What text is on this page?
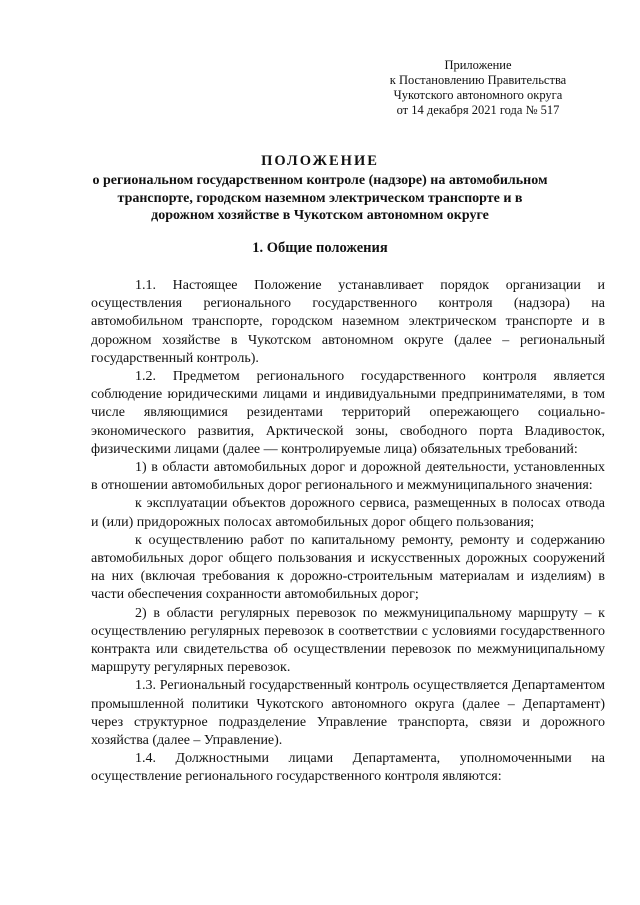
Приложение
к Постановлению Правительства
Чукотского автономного округа
от 14 декабря 2021 года № 517
ПОЛОЖЕНИЕ
о региональном государственном контроле (надзоре) на автомобильном транспорте, городском наземном электрическом транспорте и в дорожном хозяйстве в Чукотском автономном округе
1. Общие положения

1.1. Настоящее Положение устанавливает порядок организации и осуществления регионального государственного контроля (надзора) на автомобильном транспорте, городском наземном электрическом транспорте и в дорожном хозяйстве в Чукотском автономном округе (далее – региональный государственный контроль).

1.2. Предметом регионального государственного контроля является соблюдение юридическими лицами и индивидуальными предпринимателями, в том числе являющимися резидентами территорий опережающего социально-экономического развития, Арктической зоны, свободного порта Владивосток, физическими лицами (далее — контролируемые лица) обязательных требований:

1) в области автомобильных дорог и дорожной деятельности, установленных в отношении автомобильных дорог регионального и межмуниципального значения:

к эксплуатации объектов дорожного сервиса, размещенных в полосах отвода и (или) придорожных полосах автомобильных дорог общего пользования;

к осуществлению работ по капитальному ремонту, ремонту и содержанию автомобильных дорог общего пользования и искусственных дорожных сооружений на них (включая требования к дорожно-строительным материалам и изделиям) в части обеспечения сохранности автомобильных дорог;

2) в области регулярных перевозок по межмуниципальному маршруту – к осуществлению регулярных перевозок в соответствии с условиями государственного контракта или свидетельства об осуществлении перевозок по межмуниципальному маршруту регулярных перевозок.

1.3. Региональный государственный контроль осуществляется Департаментом промышленной политики Чукотского автономного округа (далее – Департамент) через структурное подразделение Управление транспорта, связи и дорожного хозяйства (далее – Управление).

1.4. Должностными лицами Департамента, уполномоченными на осуществление регионального государственного контроля являются:
